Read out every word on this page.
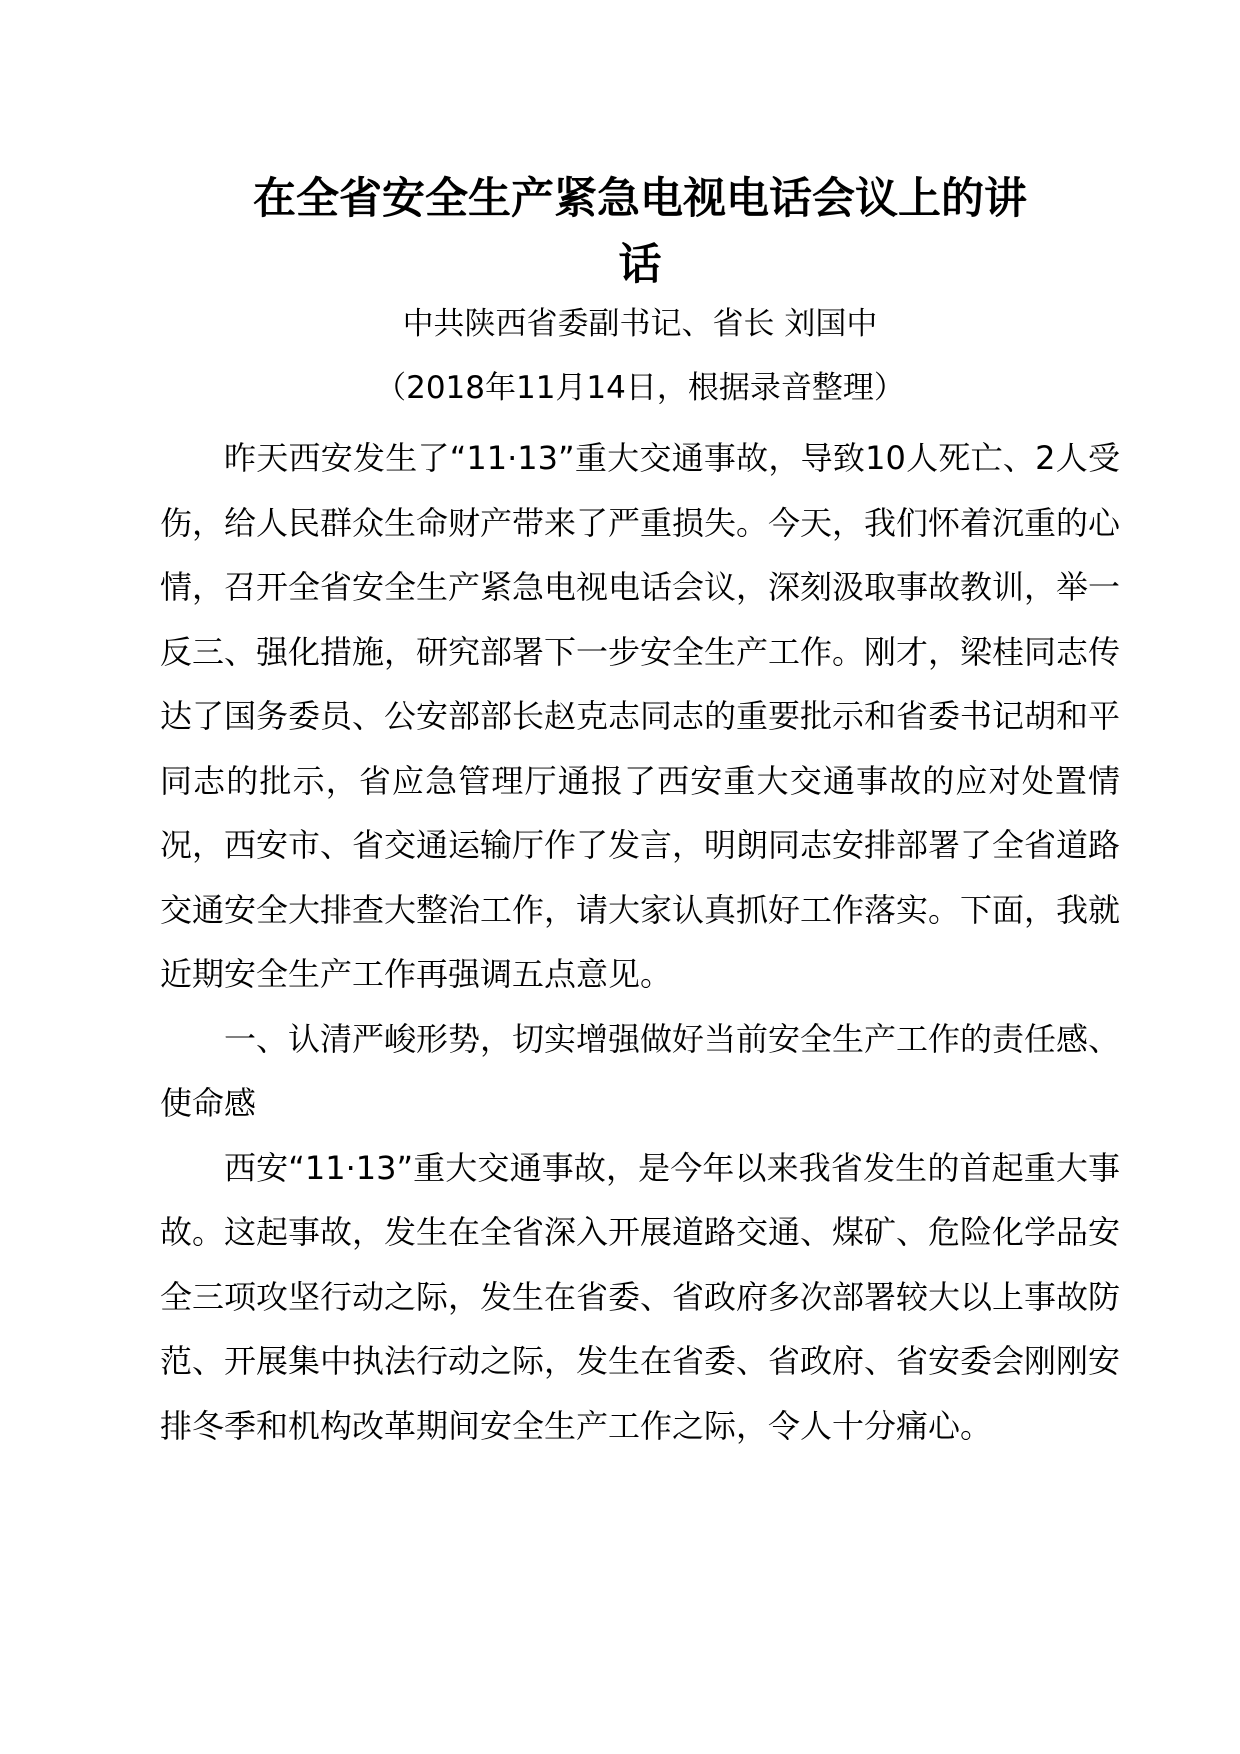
在全省安全生产紧急电视电话会议上的讲
话
中共陕西省委副书记、省长 刘国中
（2018年11月14日，根据录音整理）

昨天西安发生了“11·13”重大交通事故，导致10人死亡、2人受伤，给人民群众生命财产带来了严重损失。今天，我们怀着沉重的心情，召开全省安全生产紧急电视电话会议，深刻汲取事故教训，举一反三、强化措施，研究部署下一步安全生产工作。刚才，梁桂同志传达了国务委员、公安部部长赵克志同志的重要批示和省委书记胡和平同志的批示，省应急管理厅通报了西安重大交通事故的应对处置情况，西安市、省交通运输厅作了发言，明朗同志安排部署了全省道路交通安全大排查大整治工作，请大家认真抓好工作落实。下面，我就近期安全生产工作再强调五点意见。

一、认清严峻形势，切实增强做好当前安全生产工作的责任感、使命感

西安“11·13”重大交通事故，是今年以来我省发生的首起重大事故。这起事故，发生在全省深入开展道路交通、煤矿、危险化学品安全三项攻坚行动之际，发生在省委、省政府多次部署较大以上事故防范、开展集中执法行动之际，发生在省委、省政府、省安委会刚刚安排冬季和机构改革期间安全生产工作之际，令人十分痛心。
